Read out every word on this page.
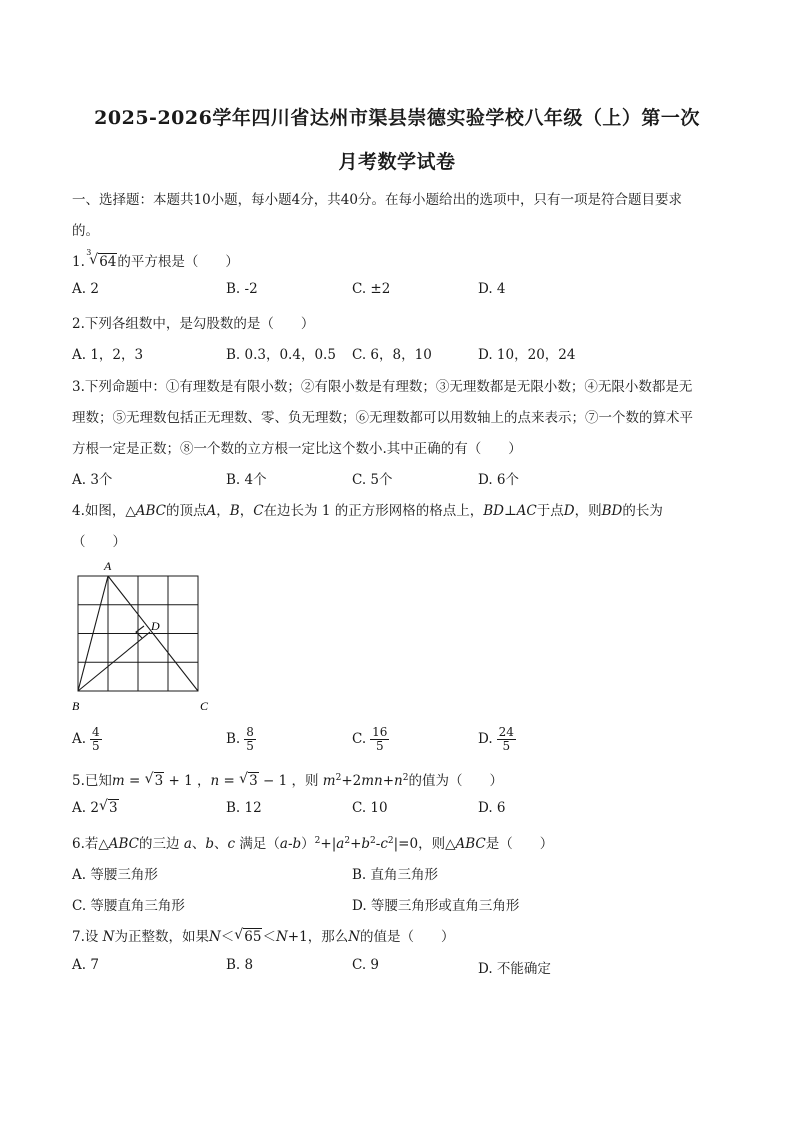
2025-2026学年四川省达州市渠县崇德实验学校八年级（上）第一次
月考数学试卷
一、选择题：本题共10小题，每小题4分，共40分。在每小题给出的选项中，只有一项是符合题目要求
的。
1.
3
√ 64的平方根是（　　）
A. 2	B. -2	C. ±2	D. 4
2.下列各组数中，是勾股数的是（　　）
A. 1，2，3	B. 0.3，0.4，0.5 C. 6，8，10	D. 10，20，24
3.下列命题中：①有理数是有限小数；②有限小数是有理数；③无理数都是无限小数；④无限小数都是无
理数；⑤无理数包括正无理数、零、负无理数；⑥无理数都可以用数轴上的点来表示；⑦一个数的算术平
方根一定是正数；⑧一个数的立方根一定比这个数小.其中正确的有（　　）
A. 3个	B. 4个	C. 5个	D. 6个
4.如图，△ABC的顶点A，B，C在边长为 1 的正方形网格的格点上，BD⊥AC于点D，则BD的长为
（　　）
A
B	C
D
A. $\frac{4}{5}$	B. $\frac{8}{5}$	C. $\frac{16}{5}$	D. $\frac{24}{5}$
5.已知m = √ 3 + 1 ，n = √ 3 − 1 ，则 $m^2+2mn+n^2$的值为（　　）
A. 2 √ 3	B. 12	C. 10	D. 6
6.若△ABC的三边 a、b、c 满足$(a-b)^2+|a^2+b^2-c^2|=0$，则△ABC是（　　）
A. 等腰三角形	B. 直角三角形
C. 等腰直角三角形	D. 等腰三角形或直角三角形
7.设 N为正整数，如果N＜ √ 65＜N+1，那么N的值是（　　）
A. 7	B. 8	C. 9	D. 不能确定
